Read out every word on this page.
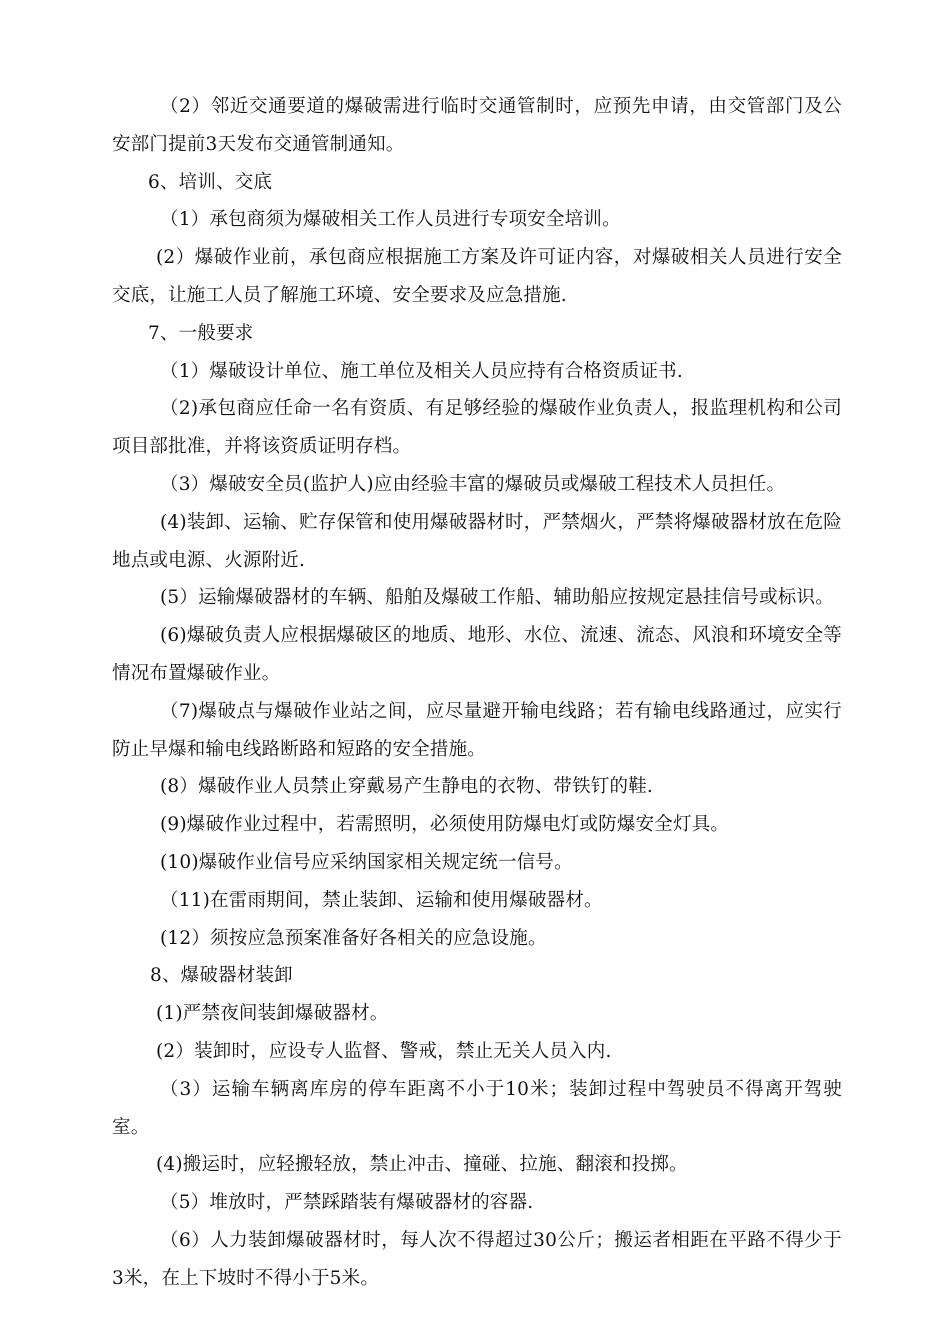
（2）邻近交通要道的爆破需进行临时交通管制时，应预先申请，由交管部门及公安部门提前3天发布交通管制通知。

6、培训、交底

（1）承包商须为爆破相关工作人员进行专项安全培训。

(2）爆破作业前，承包商应根据施工方案及许可证内容，对爆破相关人员进行安全交底，让施工人员了解施工环境、安全要求及应急措施.

7、一般要求

（1）爆破设计单位、施工单位及相关人员应持有合格资质证书.

（2)承包商应任命一名有资质、有足够经验的爆破作业负责人，报监理机构和公司项目部批准，并将该资质证明存档。

（3）爆破安全员(监护人)应由经验丰富的爆破员或爆破工程技术人员担任。

(4)装卸、运输、贮存保管和使用爆破器材时，严禁烟火，严禁将爆破器材放在危险地点或电源、火源附近.

(5）运输爆破器材的车辆、船舶及爆破工作船、辅助船应按规定悬挂信号或标识。

(6)爆破负责人应根据爆破区的地质、地形、水位、流速、流态、风浪和环境安全等情况布置爆破作业。

（7)爆破点与爆破作业站之间，应尽量避开输电线路；若有输电线路通过，应实行防止早爆和输电线路断路和短路的安全措施。

(8）爆破作业人员禁止穿戴易产生静电的衣物、带铁钉的鞋.

(9)爆破作业过程中，若需照明，必须使用防爆电灯或防爆安全灯具。

(10)爆破作业信号应采纳国家相关规定统一信号。

（11)在雷雨期间，禁止装卸、运输和使用爆破器材。

(12）须按应急预案准备好各相关的应急设施。

8、爆破器材装卸

(1)严禁夜间装卸爆破器材。

(2）装卸时，应设专人监督、警戒，禁止无关人员入内.

（3）运输车辆离库房的停车距离不小于10米；装卸过程中驾驶员不得离开驾驶室。

(4)搬运时，应轻搬轻放，禁止冲击、撞碰、拉施、翻滚和投掷。

（5）堆放时，严禁踩踏装有爆破器材的容器.

（6）人力装卸爆破器材时，每人次不得超过30公斤；搬运者相距在平路不得少于3米，在上下坡时不得小于5米。
